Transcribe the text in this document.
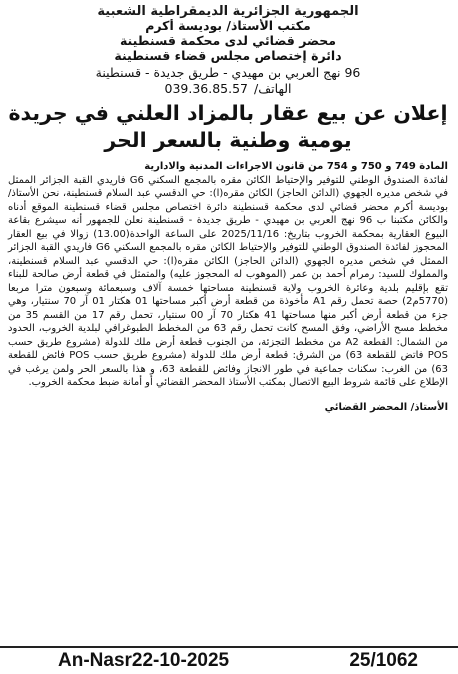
الجمهورية الجزائرية الديمقراطية الشعبية
مكتب الأستاذ/ بوديسة أكرم
محضر قضائي لدى محكمة قسنطينة
دائرة إختصاص مجلس قضاء قسنطينة
96 نهج العربي بن مهيدي - طريق جديدة - قسنطينة
الهاتف/
039.36.85.57
إعلان عن بيع عقار بالمزاد العلني في جريدة
يومية وطنية بالسعر الحر
المادة 749 و 750 و 754 من قانون الاجراءات المدنية والادارية

لفائدة الصندوق الوطني للتوفير والإحتياط الكائن مقره بالمجمع السكني G6 فاريدي القبة الجزائر الممثل في شخص مديره الجهوي (الدائن الحاجز) الكائن مقره(ا): حي الدقسي عبد السلام قسنطينة، نحن الأستاذ/ بوديسة أكرم محضر قضائي لدى محكمة قسنطينة دائرة اختصاص مجلس قضاء قسنطينة الموقع أدناه والكائن مكتبنا ب 96 نهج العربي بن مهيدي - طريق جديدة - قسنطينة نعلن للجمهور أنه سيشرع بقاعة البيوع العقارية بمحكمة الخروب بتاريخ: 2025/11/16 على الساعة الواحدة(13.00) زوالا في بيع العقار المحجوز لفائدة الصندوق الوطني للتوفير والإحتياط الكائن مقره بالمجمع السكني G6 فاريدي القبة الجزائر الممثل في شخص مديره الجهوي (الدائن الحاجز) الكائن مقره(ا): حي الدقسي عبد السلام قسنطينة، والمملوك للسيد: رمرام أحمد بن عمر (الموهوب له المحجوز عليه) والمتمثل في قطعة أرض صالحة للبناء تقع بإقليم بلدية وعائرة الخروب ولاية قسنطينة مساحتها خمسة آلاف وسبعمائة وسبعون مترا مربعا (5770م2) حصة تحمل رقم A1 مأخوذة من قطعة أرض أكبر مساحتها 01 هكتار 01 آر 70 سنتيار، وهي جزء من قطعة أرض أكبر منها مساحتها 41 هكتار 70 آر 00 سنتيار، تحمل رقم 17 من القسم 35 من مخطط مسح الأراضي، وفق المسح كانت تحمل رقم 63 من المخطط الطبوغرافي لبلدية الخروب، الحدود من الشمال: القطعة A2 من مخطط التجزئة، من الجنوب قطعة أرض ملك للدولة (مشروع طريق حسب POS فاتض للقطعة 63) من الشرق: قطعة أرض ملك للدولة (مشروع طريق حسب POS فائض للقطعة 63) من الغرب: سكنات جماعية في طور الانجاز وفائض للقطعة 63، و هذا بالسعر الحر ولمن يرغب في الإطلاع على قائمة شروط البيع الاتصال بمكتب الأستاذ المحضر القضائي أو أمانة ضبط محكمة الخروب.

الأستاذ/ المحضر القضائي
An-Nasr22-10-2025	25/1062
